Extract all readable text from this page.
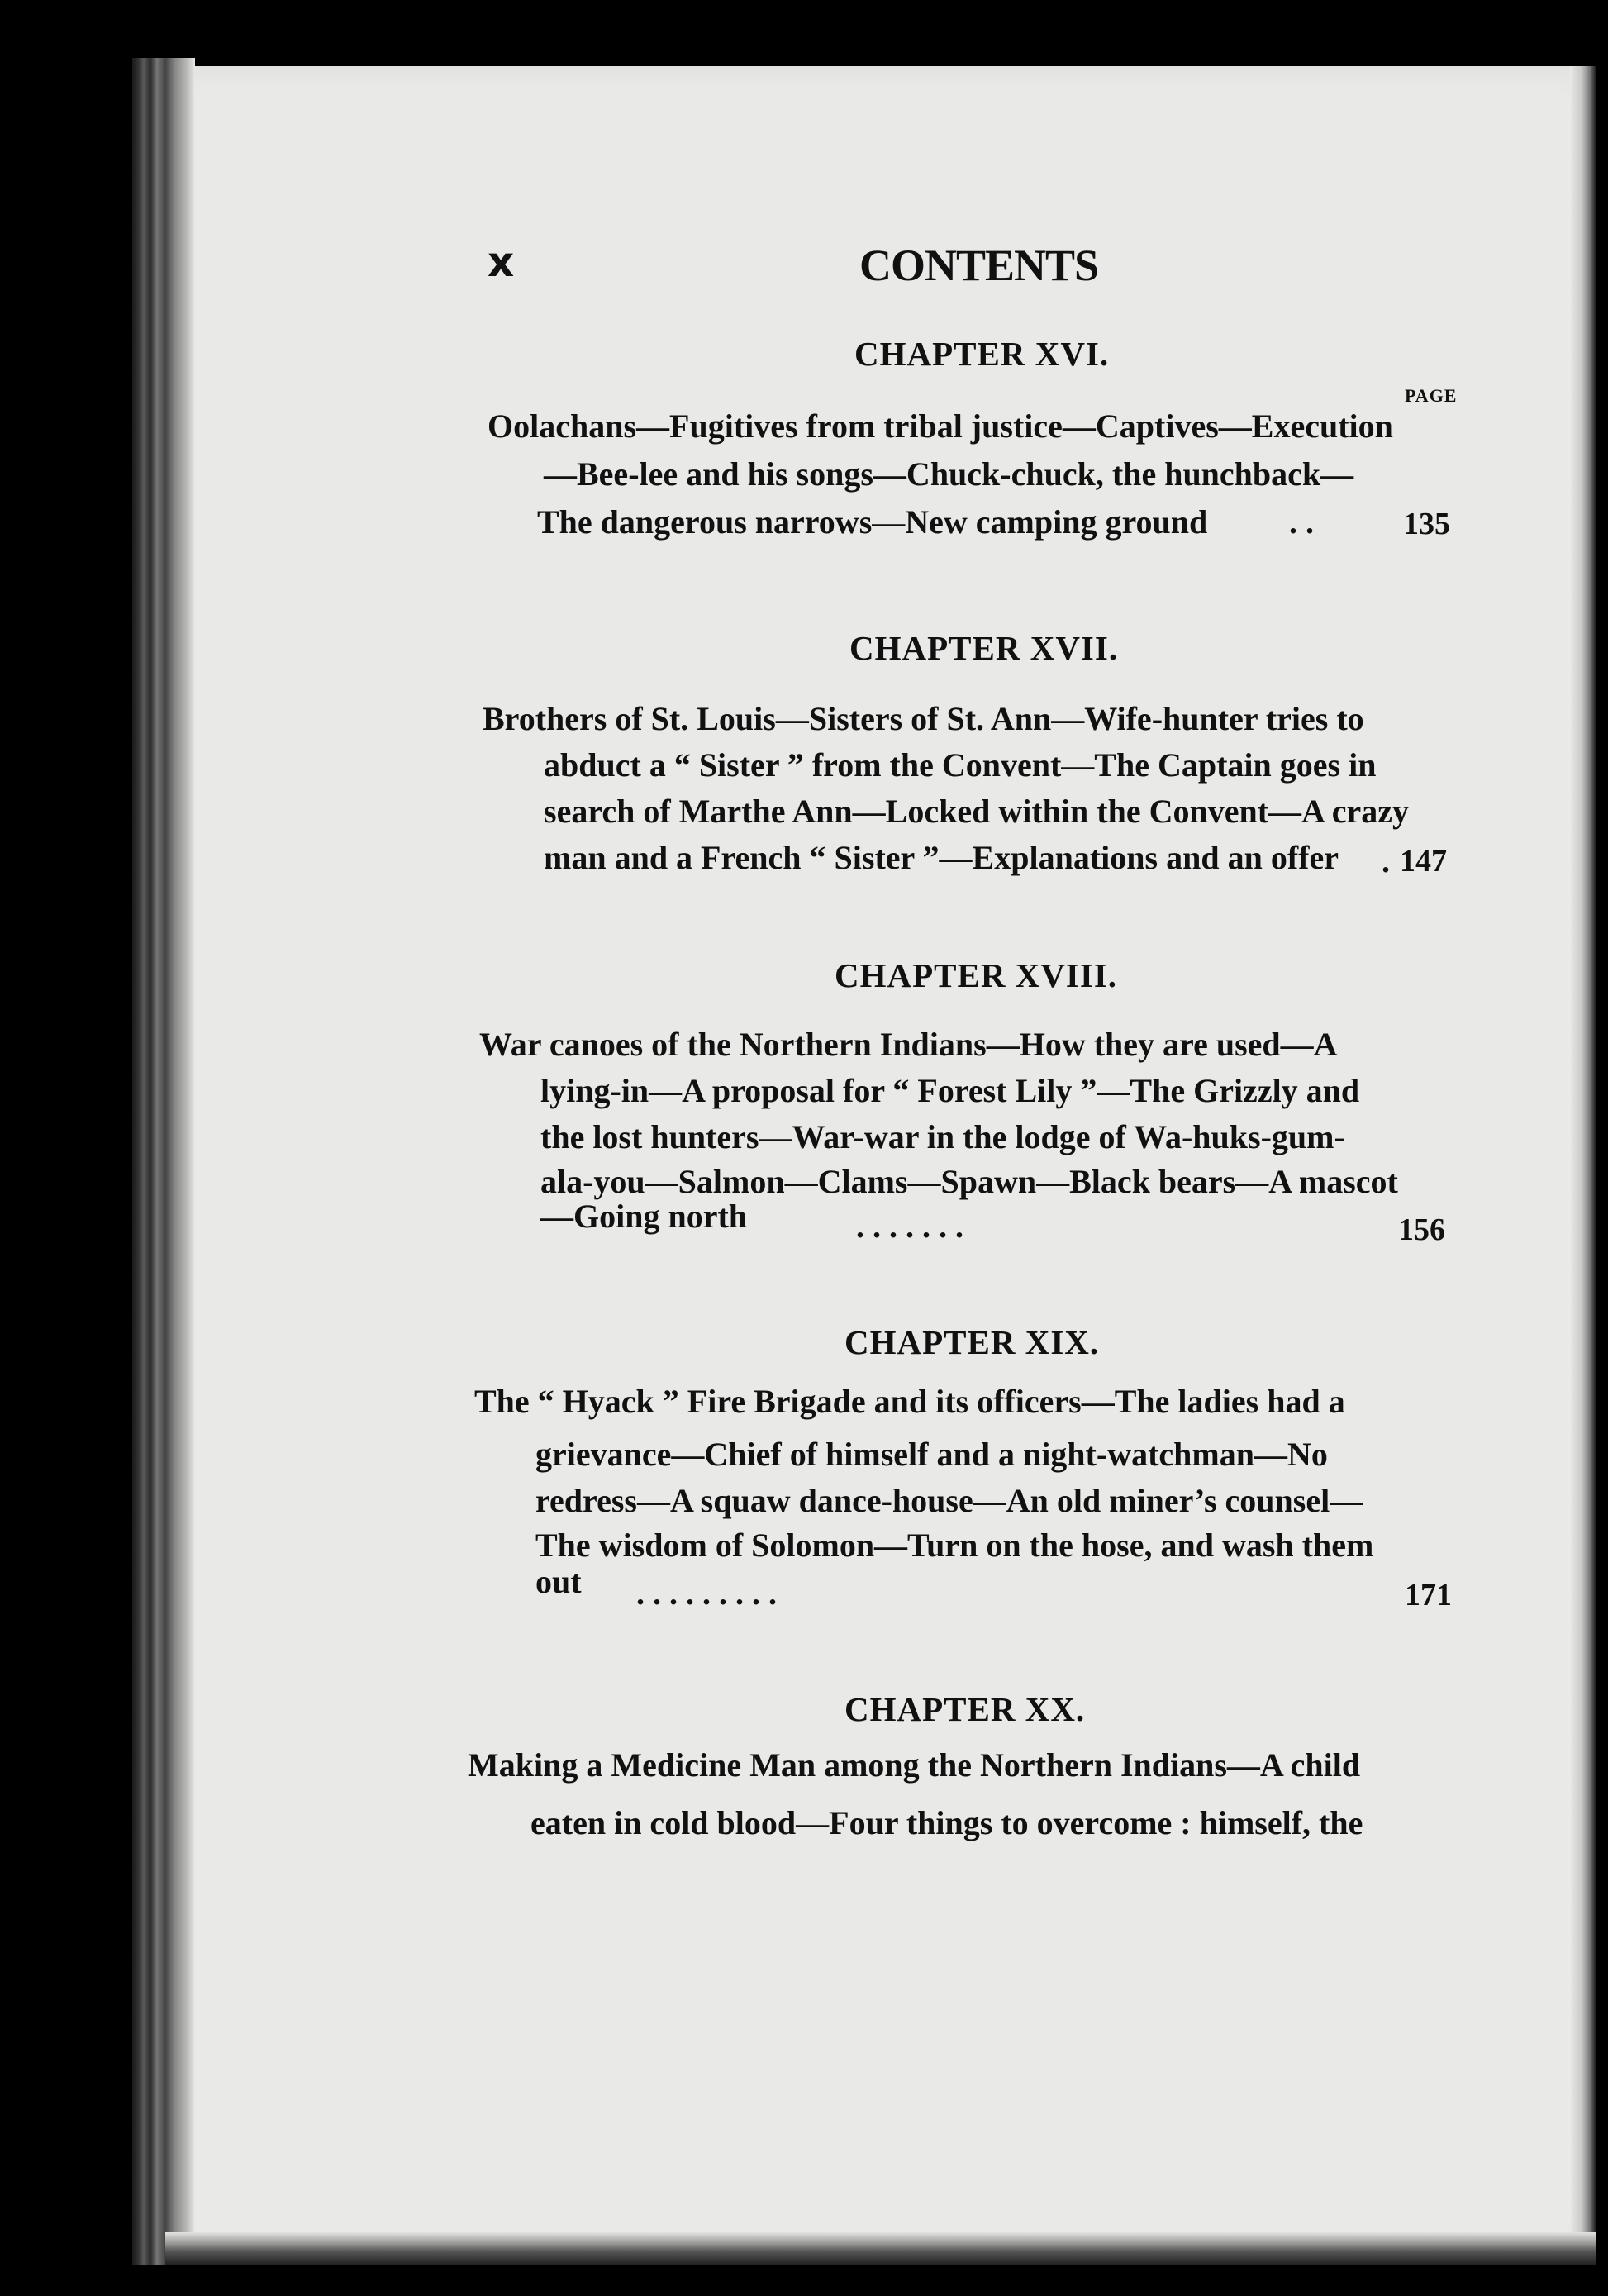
x	CONTENTS
CHAPTER XVI.
PAGE
Oolachans—Fugitives from tribal justice—Captives—Execution
—Bee-lee and his songs—Chuck-chuck, the hunchback—
The dangerous narrows—New camping ground . .	135
CHAPTER XVII.
Brothers of St. Louis—Sisters of St. Ann—Wife-hunter tries to
abduct a “ Sister ” from the Convent—The Captain goes in
search of Marthe Ann—Locked within the Convent—A crazy
man and a French “ Sister ”—Explanations and an offer . 147
CHAPTER XVIII.
War canoes of the Northern Indians—How they are used—A
lying-in—A proposal for “ Forest Lily ”—The Grizzly and
the lost hunters—War-war in the lodge of Wa-huks-gum-
ala-you—Salmon—Clams—Spawn—Black bears—A mascot
—Going north	. . . . . . .	156
CHAPTER XIX.
The “ Hyack ” Fire Brigade and its officers—The ladies had a
grievance—Chief of himself and a night-watchman—No
redress—A squaw dance-house—An old miner’s counsel—
The wisdom of Solomon—Turn on the hose, and wash them
out . . . . . . . . .	171
CHAPTER XX.
Making a Medicine Man among the Northern Indians—A child
eaten in cold blood—Four things to overcome : himself, the
